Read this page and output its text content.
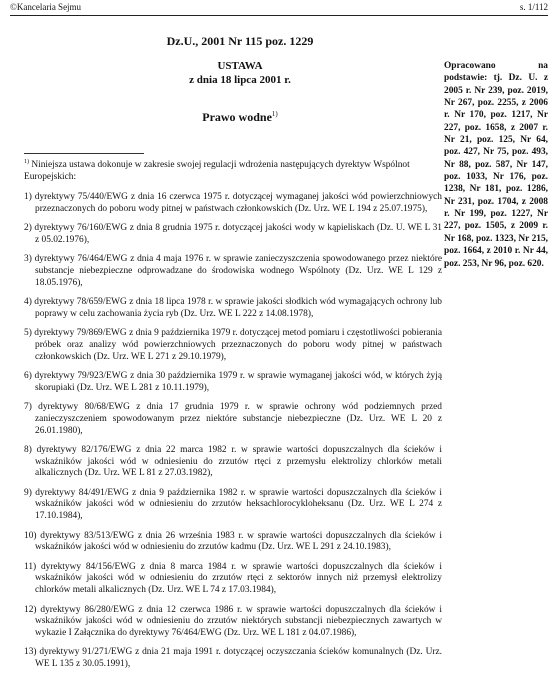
©Kancelaria Sejmu	s. 1/112
Dz.U., 2001 Nr 115 poz. 1229
USTAWA
z dnia 18 lipca 2001 r.
Prawo wodne$^{1)}$
Opracowano na podstawie: tj. Dz. U. z 2005 r. Nr 239, poz. 2019, Nr 267, poz. 2255, z 2006 r. Nr 170, poz. 1217, Nr 227, poz. 1658, z 2007 r. Nr 21, poz. 125, Nr 64, poz. 427, Nr 75, poz. 493, Nr 88, poz. 587, Nr 147, poz. 1033, Nr 176, poz. 1238, Nr 181, poz. 1286, Nr 231, poz. 1704, z 2008 r. Nr 199, poz. 1227, Nr 227, poz. 1505, z 2009 r. Nr 168, poz. 1323, Nr 215, poz. 1664, z 2010 r. Nr 44, poz. 253, Nr 96, poz. 620.
$^{1)}$ Niniejsza ustawa dokonuje w zakresie swojej regulacji wdrożenia następujących dyrektyw Wspólnot Europejskich:
1) dyrektywy 75/440/EWG z dnia 16 czerwca 1975 r. dotyczącej wymaganej jakości wód powierzchniowych przeznaczonych do poboru wody pitnej w państwach członkowskich (Dz. Urz. WE L 194 z 25.07.1975),
2) dyrektywy 76/160/EWG z dnia 8 grudnia 1975 r. dotyczącej jakości wody w kąpieliskach (Dz. U. WE L 31 z 05.02.1976),
3) dyrektywy 76/464/EWG z dnia 4 maja 1976 r. w sprawie zanieczyszczenia spowodowanego przez niektóre substancje niebezpieczne odprowadzane do środowiska wodnego Wspólnoty (Dz. Urz. WE L 129 z 18.05.1976),
4) dyrektywy 78/659/EWG z dnia 18 lipca 1978 r. w sprawie jakości słodkich wód wymagających ochrony lub poprawy w celu zachowania życia ryb (Dz. Urz. WE L 222 z 14.08.1978),
5) dyrektywy 79/869/EWG z dnia 9 października 1979 r. dotyczącej metod pomiaru i częstotliwości pobierania próbek oraz analizy wód powierzchniowych przeznaczonych do poboru wody pitnej w państwach członkowskich (Dz. Urz. WE L 271 z 29.10.1979),
6) dyrektywy 79/923/EWG z dnia 30 października 1979 r. w sprawie wymaganej jakości wód, w których żyją skorupiaki (Dz. Urz. WE L 281 z 10.11.1979),
7) dyrektywy 80/68/EWG z dnia 17 grudnia 1979 r. w sprawie ochrony wód podziemnych przed zanieczyszczeniem spowodowanym przez niektóre substancje niebezpieczne (Dz. Urz. WE L 20 z 26.01.1980),
8) dyrektywy 82/176/EWG z dnia 22 marca 1982 r. w sprawie wartości dopuszczalnych dla ścieków i wskaźników jakości wód w odniesieniu do zrzutów rtęci z przemysłu elektrolizy chlorków metali alkalicznych (Dz. Urz. WE L 81 z 27.03.1982),
9) dyrektywy 84/491/EWG z dnia 9 października 1982 r. w sprawie wartości dopuszczalnych dla ścieków i wskaźników jakości wód w odniesieniu do zrzutów heksachlorocykloheksanu (Dz. Urz. WE L 274 z 17.10.1984),
10) dyrektywy 83/513/EWG z dnia 26 września 1983 r. w sprawie wartości dopuszczalnych dla ścieków i wskaźników jakości wód w odniesieniu do zrzutów kadmu (Dz. Urz. WE L 291 z 24.10.1983),
11) dyrektywy 84/156/EWG z dnia 8 marca 1984 r. w sprawie wartości dopuszczalnych dla ścieków i wskaźników jakości wód w odniesieniu do zrzutów rtęci z sektorów innych niż przemysł elektrolizy chlorków metali alkalicznych (Dz. Urz. WE L 74 z 17.03.1984),
12) dyrektywy 86/280/EWG z dnia 12 czerwca 1986 r. w sprawie wartości dopuszczalnych dla ścieków i wskaźników jakości wód w odniesieniu do zrzutów niektórych substancji niebezpiecznych zawartych w wykazie I Załącznika do dyrektywy 76/464/EWG (Dz. Urz. WE L 181 z 04.07.1986),
13) dyrektywy 91/271/EWG z dnia 21 maja 1991 r. dotyczącej oczyszczania ścieków komunalnych (Dz. Urz. WE L 135 z 30.05.1991),
